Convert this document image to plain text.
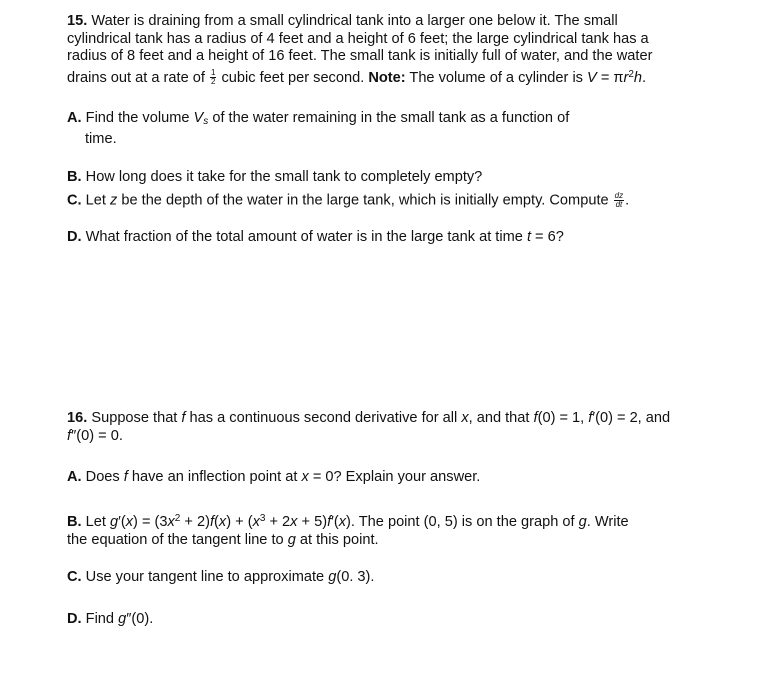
15. Water is draining from a small cylindrical tank into a larger one below it. The small
cylindrical tank has a radius of 4 feet and a height of 6 feet; the large cylindrical tank has a
radius of 8 feet and a height of 16 feet. The small tank is initially full of water, and the water
drains out at a rate of $\frac{1}{2}$ cubic feet per second. Note: The volume of a cylinder is $V = \pi r^2h$.
A. Find the volume $V_s$ of the water remaining in the small tank as a function of
time.
B. How long does it take for the small tank to completely empty?
C. Let z be the depth of the water in the large tank, which is initially empty. Compute $\frac{dz}{dt}$ .
D. What fraction of the total amount of water is in the large tank at time t = 6?
16. Suppose that f has a continuous second derivative for all x, and that f(0) = 1, f′(0) = 2, and
f″(0) = 0.
A. Does f have an inflection point at x = 0? Explain your answer.
B. Let $g'(x) = (3x^2 + 2)f(x) + (x^3 + 2x + 5)f'(x)$. The point (0, 5) is on the graph of g. Write
the equation of the tangent line to g at this point.
C. Use your tangent line to approximate g(0. 3).
D. Find g″(0).
